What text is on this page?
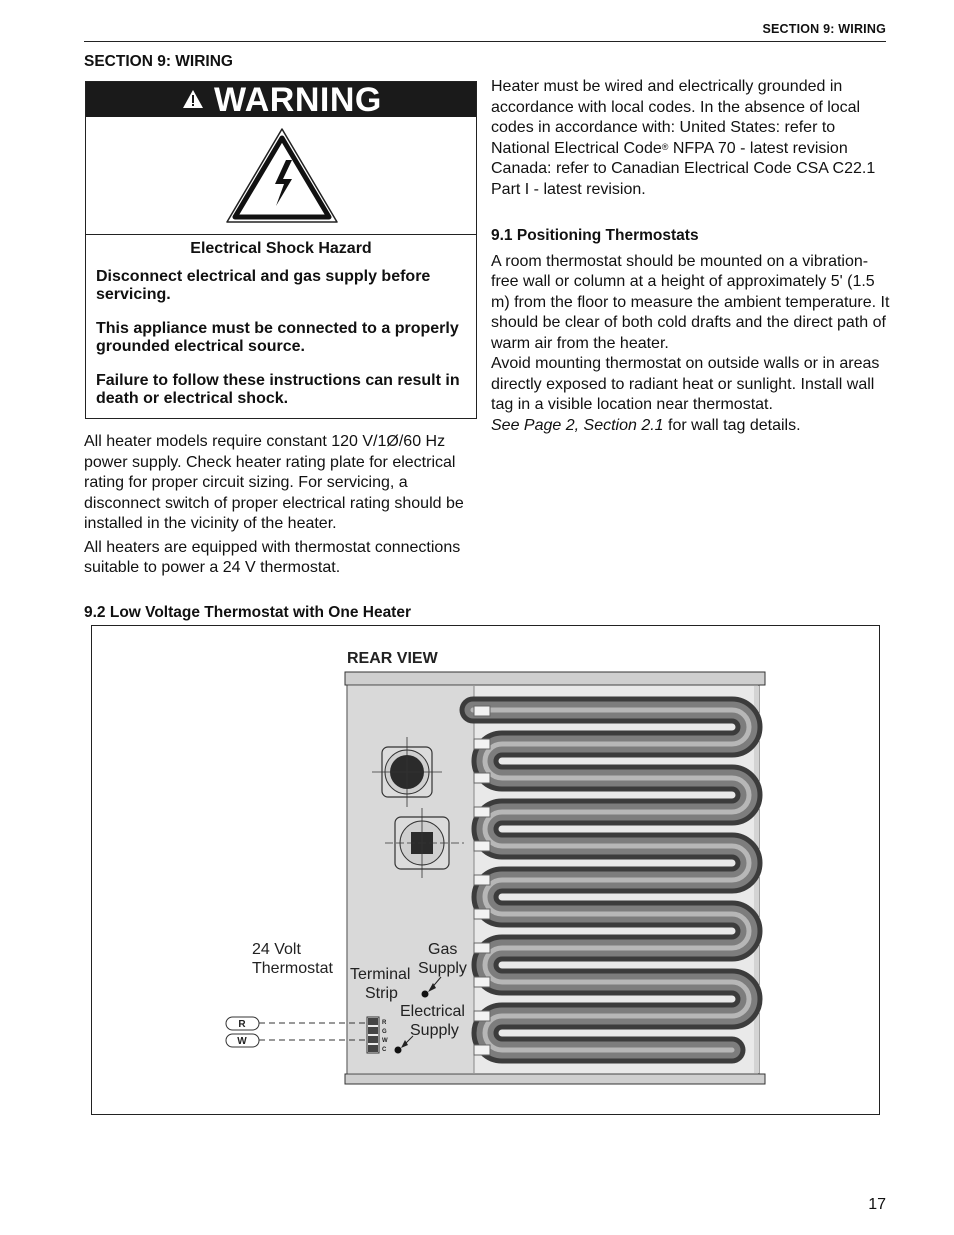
SECTION 9: WIRING
SECTION 9: WIRING
WARNING
Electrical Shock Hazard

Disconnect electrical and gas supply before servicing.

This appliance must be connected to a properly grounded electrical source.

Failure to follow these instructions can result in death or electrical shock.

All heater models require constant 120 V/1Ø/60 Hz power supply. Check heater rating plate for electrical rating for proper circuit sizing. For servicing, a disconnect switch of proper electrical rating should be installed in the vicinity of the heater.

All heaters are equipped with thermostat connections suitable to power a 24 V thermostat.

Heater must be wired and electrically grounded in accordance with local codes. In the absence of local codes in accordance with: United States: refer to National Electrical Code® NFPA 70 - latest revision Canada: refer to Canadian Electrical Code CSA C22.1 Part I - latest revision.

9.1 Positioning Thermostats

A room thermostat should be mounted on a vibration-free wall or column at a height of approximately 5' (1.5 m) from the floor to measure the ambient temperature. It should be clear of both cold drafts and the direct path of warm air from the heater.

Avoid mounting thermostat on outside walls or in areas directly exposed to radiant heat or sunlight. Install wall tag in a visible location near thermostat.

See Page 2, Section 2.1 for wall tag details.

9.2 Low Voltage Thermostat with One Heater
REAR VIEW
24 Volt
Thermostat Terminal
Strip
Gas
Supply
Electrical
Supply
R
W
R
G
W
C
17
